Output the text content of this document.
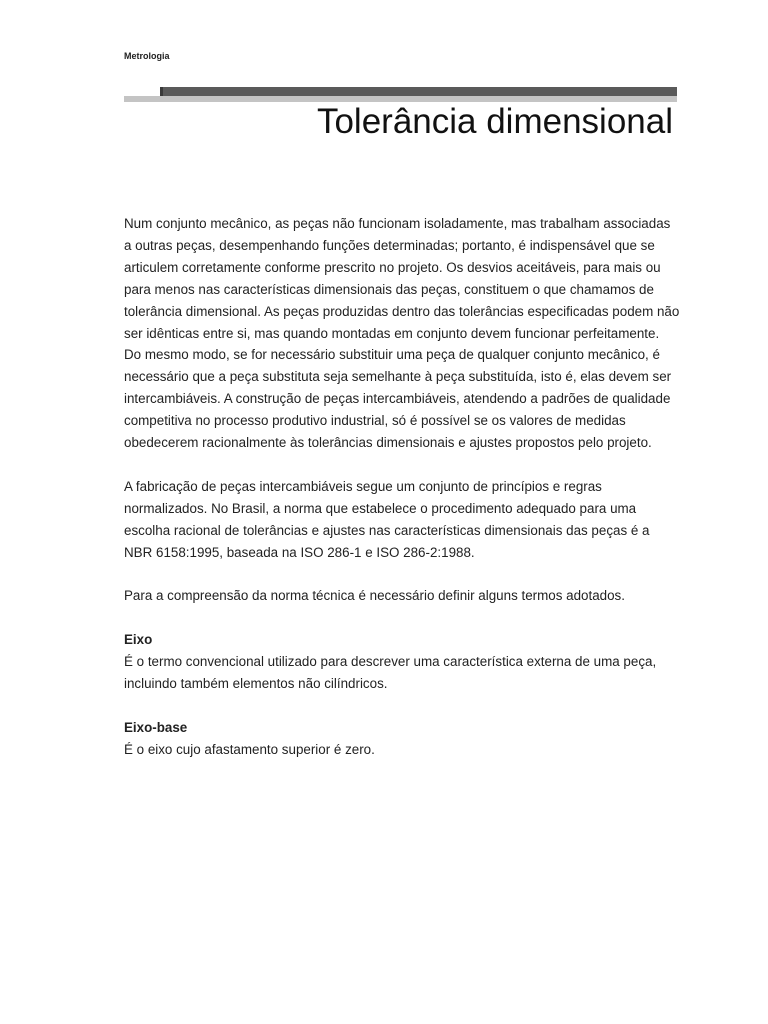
Metrologia
Tolerância dimensional

Num conjunto mecânico, as peças não funcionam isoladamente, mas trabalham associadas a outras peças, desempenhando funções determinadas; portanto, é indispensável que se articulem corretamente conforme prescrito no projeto. Os desvios aceitáveis, para mais ou para menos nas características dimensionais das peças, constituem o que chamamos de tolerância dimensional. As peças produzidas dentro das tolerâncias especificadas podem não ser idênticas entre si, mas quando montadas em conjunto devem funcionar perfeitamente. Do mesmo modo, se for necessário substituir uma peça de qualquer conjunto mecânico, é necessário que a peça substituta seja semelhante à peça substituída, isto é, elas devem ser intercambiáveis. A construção de peças intercambiáveis, atendendo a padrões de qualidade competitiva no processo produtivo industrial, só é possível se os valores de medidas obedecerem racionalmente às tolerâncias dimensionais e ajustes propostos pelo projeto.

A fabricação de peças intercambiáveis segue um conjunto de princípios e regras normalizados. No Brasil, a norma que estabelece o procedimento adequado para uma escolha racional de tolerâncias e ajustes nas características dimensionais das peças é a NBR 6158:1995, baseada na ISO 286-1 e ISO 286-2:1988.

Para a compreensão da norma técnica é necessário definir alguns termos adotados.

Eixo
É o termo convencional utilizado para descrever uma característica externa de uma peça, incluindo também elementos não cilíndricos.
Eixo-base
É o eixo cujo afastamento superior é zero.
